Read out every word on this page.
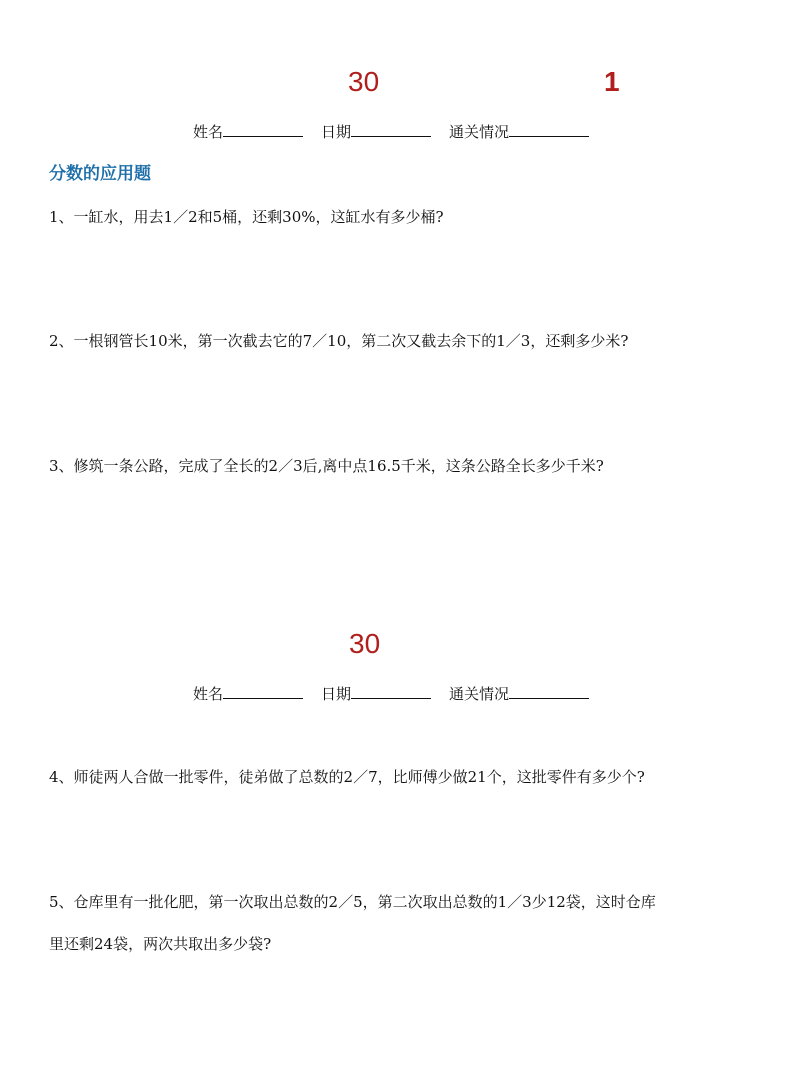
30	1
姓名	日期	通关情况
分数的应用题
1、一缸水，用去1／2和5桶，还剩30%，这缸水有多少桶?
2、一根钢管长10米，第一次截去它的7／10，第二次又截去余下的1／3，还剩多少米?
3、修筑一条公路，完成了全长的2／3后,离中点16.5千米，这条公路全长多少千米?
30
姓名	日期	通关情况
4、师徒两人合做一批零件，徒弟做了总数的2／7，比师傅少做21个，这批零件有多少个?
5、仓库里有一批化肥，第一次取出总数的2／5，第二次取出总数的1／3少12袋，这时仓库
里还剩24袋，两次共取出多少袋?
